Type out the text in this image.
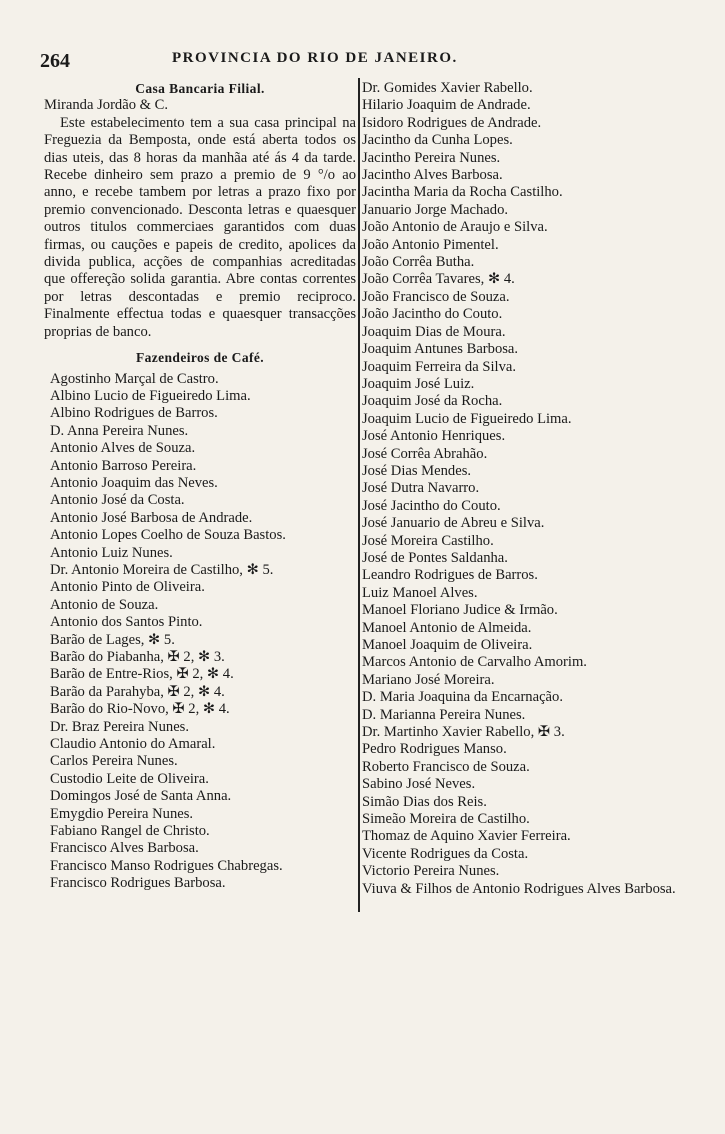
264	PROVINCIA DO RIO DE JANEIRO.
Casa Bancaria Filial.

Miranda Jordão & C.

Este estabelecimento tem a sua casa principal na Freguezia da Bemposta, onde está aberta todos os dias uteis, das 8 horas da manhãa até ás 4 da tarde. Recebe dinheiro sem prazo a premio de 9 °/o ao anno, e recebe tambem por letras a prazo fixo por premio convencionado. Desconta letras e quaesquer outros titulos commerciaes garantidos com duas firmas, ou cauções e papeis de credito, apolices da divida publica, acções de companhias acreditadas que offereção solida garantia. Abre contas correntes por letras descontadas e premio reciproco. Finalmente effectua todas e quaesquer transacções proprias de banco.

Fazendeiros de Café.
Agostinho Marçal de Castro.
Albino Lucio de Figueiredo Lima.
Albino Rodrigues de Barros.
D. Anna Pereira Nunes.
Antonio Alves de Souza.
Antonio Barroso Pereira.
Antonio Joaquim das Neves.
Antonio José da Costa.
Antonio José Barbosa de Andrade.
Antonio Lopes Coelho de Souza Bastos.
Antonio Luiz Nunes.
Dr. Antonio Moreira de Castilho, ✻ 5.
Antonio Pinto de Oliveira.
Antonio de Souza.
Antonio dos Santos Pinto.
Barão de Lages, ✻ 5.
Barão do Piabanha, ✠ 2, ✻ 3.
Barão de Entre-Rios, ✠ 2, ✻ 4.
Barão da Parahyba, ✠ 2, ✻ 4.
Barão do Rio-Novo, ✠ 2, ✻ 4.
Dr. Braz Pereira Nunes.
Claudio Antonio do Amaral.
Carlos Pereira Nunes.
Custodio Leite de Oliveira.
Domingos José de Santa Anna.
Emygdio Pereira Nunes.
Fabiano Rangel de Christo.
Francisco Alves Barbosa.
Francisco Manso Rodrigues Chabregas.
Francisco Rodrigues Barbosa.
Dr. Gomides Xavier Rabello.
Hilario Joaquim de Andrade.
Isidoro Rodrigues de Andrade.
Jacintho da Cunha Lopes.
Jacintho Pereira Nunes.
Jacintho Alves Barbosa.
Jacintha Maria da Rocha Castilho.
Januario Jorge Machado.
João Antonio de Araujo e Silva.
João Antonio Pimentel.
João Corrêa Butha.
João Corrêa Tavares, ✻ 4.
João Francisco de Souza.
João Jacintho do Couto.
Joaquim Dias de Moura.
Joaquim Antunes Barbosa.
Joaquim Ferreira da Silva.
Joaquim José Luiz.
Joaquim José da Rocha.
Joaquim Lucio de Figueiredo Lima.
José Antonio Henriques.
José Corrêa Abrahão.
José Dias Mendes.
José Dutra Navarro.
José Jacintho do Couto.
José Januario de Abreu e Silva.
José Moreira Castilho.
José de Pontes Saldanha.
Leandro Rodrigues de Barros.
Luiz Manoel Alves.
Manoel Floriano Judice & Irmão.
Manoel Antonio de Almeida.
Manoel Joaquim de Oliveira.
Marcos Antonio de Carvalho Amorim.
Mariano José Moreira.
D. Maria Joaquina da Encarnação.
D. Marianna Pereira Nunes.
Dr. Martinho Xavier Rabello, ✠ 3.
Pedro Rodrigues Manso.
Roberto Francisco de Souza.
Sabino José Neves.
Simão Dias dos Reis.
Simeão Moreira de Castilho.
Thomaz de Aquino Xavier Ferreira.
Vicente Rodrigues da Costa.
Victorio Pereira Nunes.
Viuva & Filhos de Antonio Rodrigues Alves Barbosa.
